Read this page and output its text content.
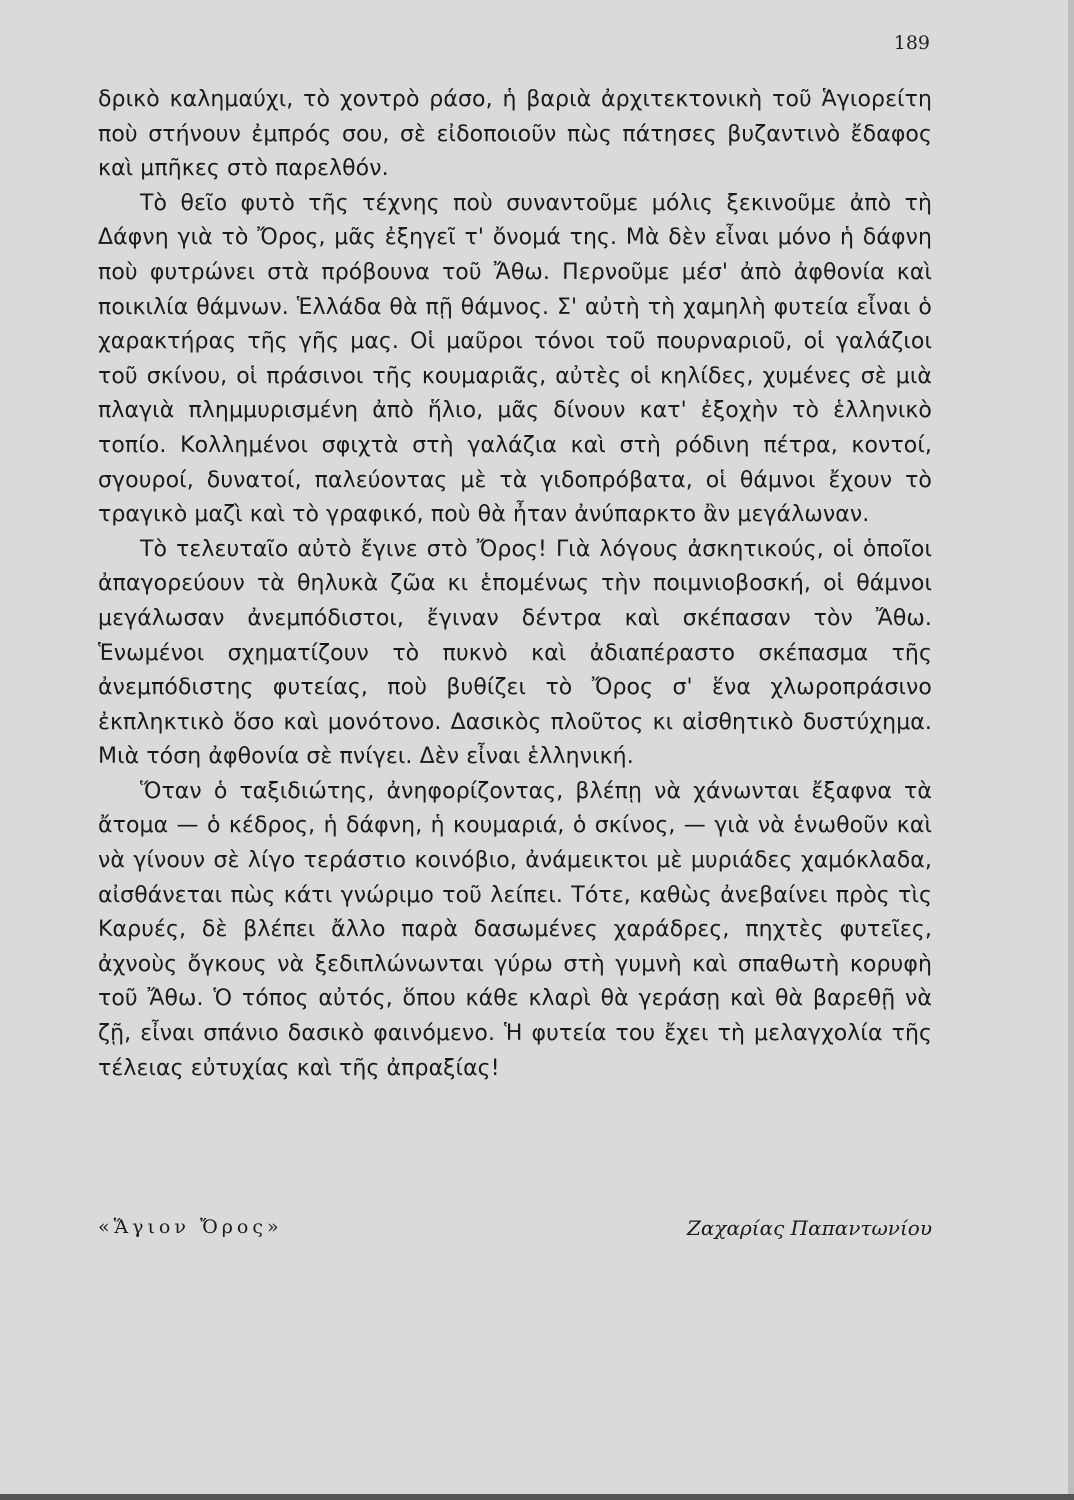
189

δρικὸ καλημαύχι, τὸ χοντρὸ ράσο, ἡ βαριὰ ἀρχιτεκτονικὴ τοῦ Ἁγιορείτη ποὺ στήνουν ἐμπρός σου, σὲ εἰδοποιοῦν πὼς πάτησες βυζαντινὸ ἔδαφος καὶ μπῆκες στὸ παρελθόν.

Τὸ θεῖο φυτὸ τῆς τέχνης ποὺ συναντοῦμε μόλις ξεκινοῦμε ἀπὸ τὴ Δάφνη γιὰ τὸ Ὄρος, μᾶς ἐξηγεῖ τ' ὄνομά της. Μὰ δὲν εἶναι μόνο ἡ δάφνη ποὺ φυτρώνει στὰ πρόβουνα τοῦ Ἄθω. Περνοῦμε μέσ' ἀπὸ ἀφθονία καὶ ποικιλία θάμνων. Ἑλλάδα θὰ πῇ θάμνος. Σ' αὐτὴ τὴ χαμηλὴ φυτεία εἶναι ὁ χαρακτήρας τῆς γῆς μας. Οἱ μαῦροι τόνοι τοῦ πουρναριοῦ, οἱ γαλάζιοι τοῦ σκίνου, οἱ πράσινοι τῆς κουμαριᾶς, αὐτὲς οἱ κηλίδες, χυμένες σὲ μιὰ πλαγιὰ πλημμυρισμένη ἀπὸ ἥλιο, μᾶς δίνουν κατ' ἐξοχὴν τὸ ἑλληνικὸ τοπίο. Κολλημένοι σφιχτὰ στὴ γαλάζια καὶ στὴ ρόδινη πέτρα, κοντοί, σγουροί, δυνατοί, παλεύοντας μὲ τὰ γιδοπρόβατα, οἱ θάμνοι ἔχουν τὸ τραγικὸ μαζὶ καὶ τὸ γραφικό, ποὺ θὰ ἦταν ἀνύπαρκτο ἂν μεγάλωναν.

Τὸ τελευταῖο αὐτὸ ἔγινε στὸ Ὄρος! Γιὰ λόγους ἀσκητικούς, οἱ ὁποῖοι ἀπαγορεύουν τὰ θηλυκὰ ζῶα κι ἑπομένως τὴν ποιμνιοβοσκή, οἱ θάμνοι μεγάλωσαν ἀνεμπόδιστοι, ἔγιναν δέντρα καὶ σκέπασαν τὸν Ἄθω. Ἑνωμένοι σχηματίζουν τὸ πυκνὸ καὶ ἀδιαπέραστο σκέπασμα τῆς ἀνεμπόδιστης φυτείας, ποὺ βυθίζει τὸ Ὄρος σ' ἕνα χλωροπράσινο ἐκπληκτικὸ ὅσο καὶ μονότονο. Δασικὸς πλοῦτος κι αἰσθητικὸ δυστύχημα. Μιὰ τόση ἀφθονία σὲ πνίγει. Δὲν εἶναι ἑλληνική.

Ὅταν ὁ ταξιδιώτης, ἀνηφορίζοντας, βλέπῃ νὰ χάνωνται ἔξαφνα τὰ ἄτομα — ὁ κέδρος, ἡ δάφνη, ἡ κουμαριά, ὁ σκίνος, — γιὰ νὰ ἑνωθοῦν καὶ νὰ γίνουν σὲ λίγο τεράστιο κοινόβιο, ἀνάμεικτοι μὲ μυριάδες χαμόκλαδα, αἰσθάνεται πὼς κάτι γνώριμο τοῦ λείπει. Τότε, καθὼς ἀνεβαίνει πρὸς τὶς Καρυές, δὲ βλέπει ἄλλο παρὰ δασωμένες χαράδρες, πηχτὲς φυτεῖες, ἀχνοὺς ὄγκους νὰ ξεδιπλώνωνται γύρω στὴ γυμνὴ καὶ σπαθωτὴ κορυφὴ τοῦ Ἄθω. Ὁ τόπος αὐτός, ὅπου κάθε κλαρὶ θὰ γεράσῃ καὶ θὰ βαρεθῇ νὰ ζῇ, εἶναι σπάνιο δασικὸ φαινόμενο. Ἡ φυτεία του ἔχει τὴ μελαγχολία τῆς τέλειας εὐτυχίας καὶ τῆς ἀπραξίας!

«Ἅγιον Ὄρος»	Ζαχαρίας Παπαντωνίου
